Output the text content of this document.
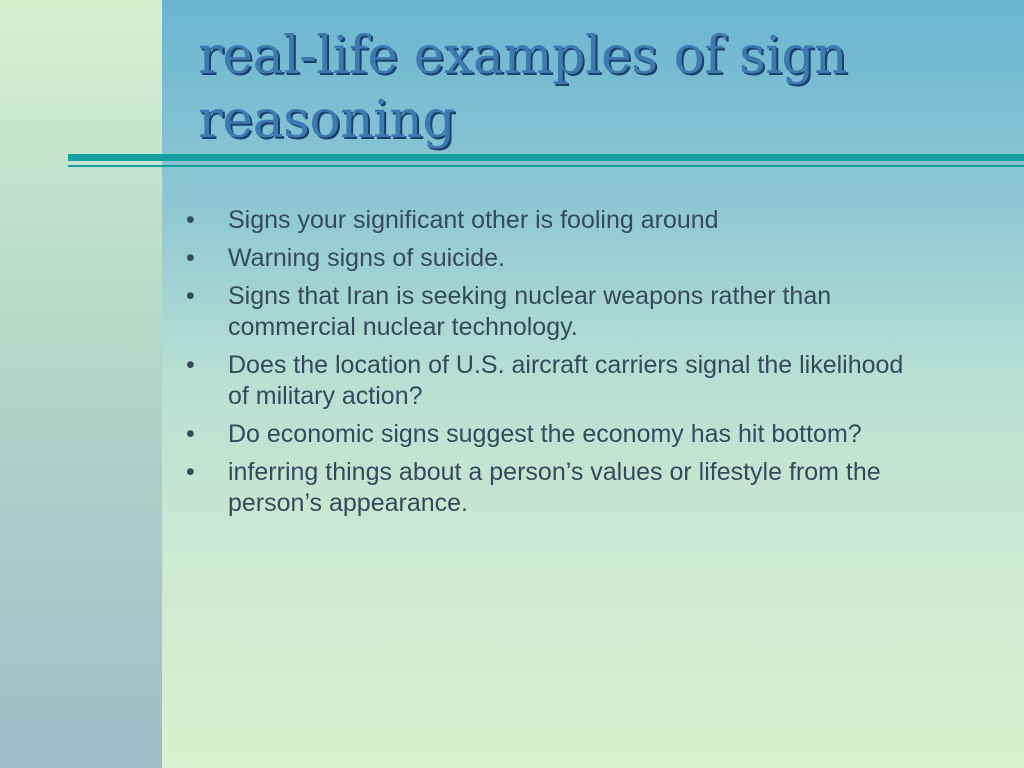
real-life examples of sign reasoning
•	Signs your significant other is fooling around
•	Warning signs of suicide.
•	Signs that Iran is seeking nuclear weapons rather than commercial nuclear technology.
•	Does the location of U.S. aircraft carriers signal the likelihood of military action?
•	Do economic signs suggest the economy has hit bottom?
•	inferring things about a person’s values or lifestyle from the person’s appearance.
